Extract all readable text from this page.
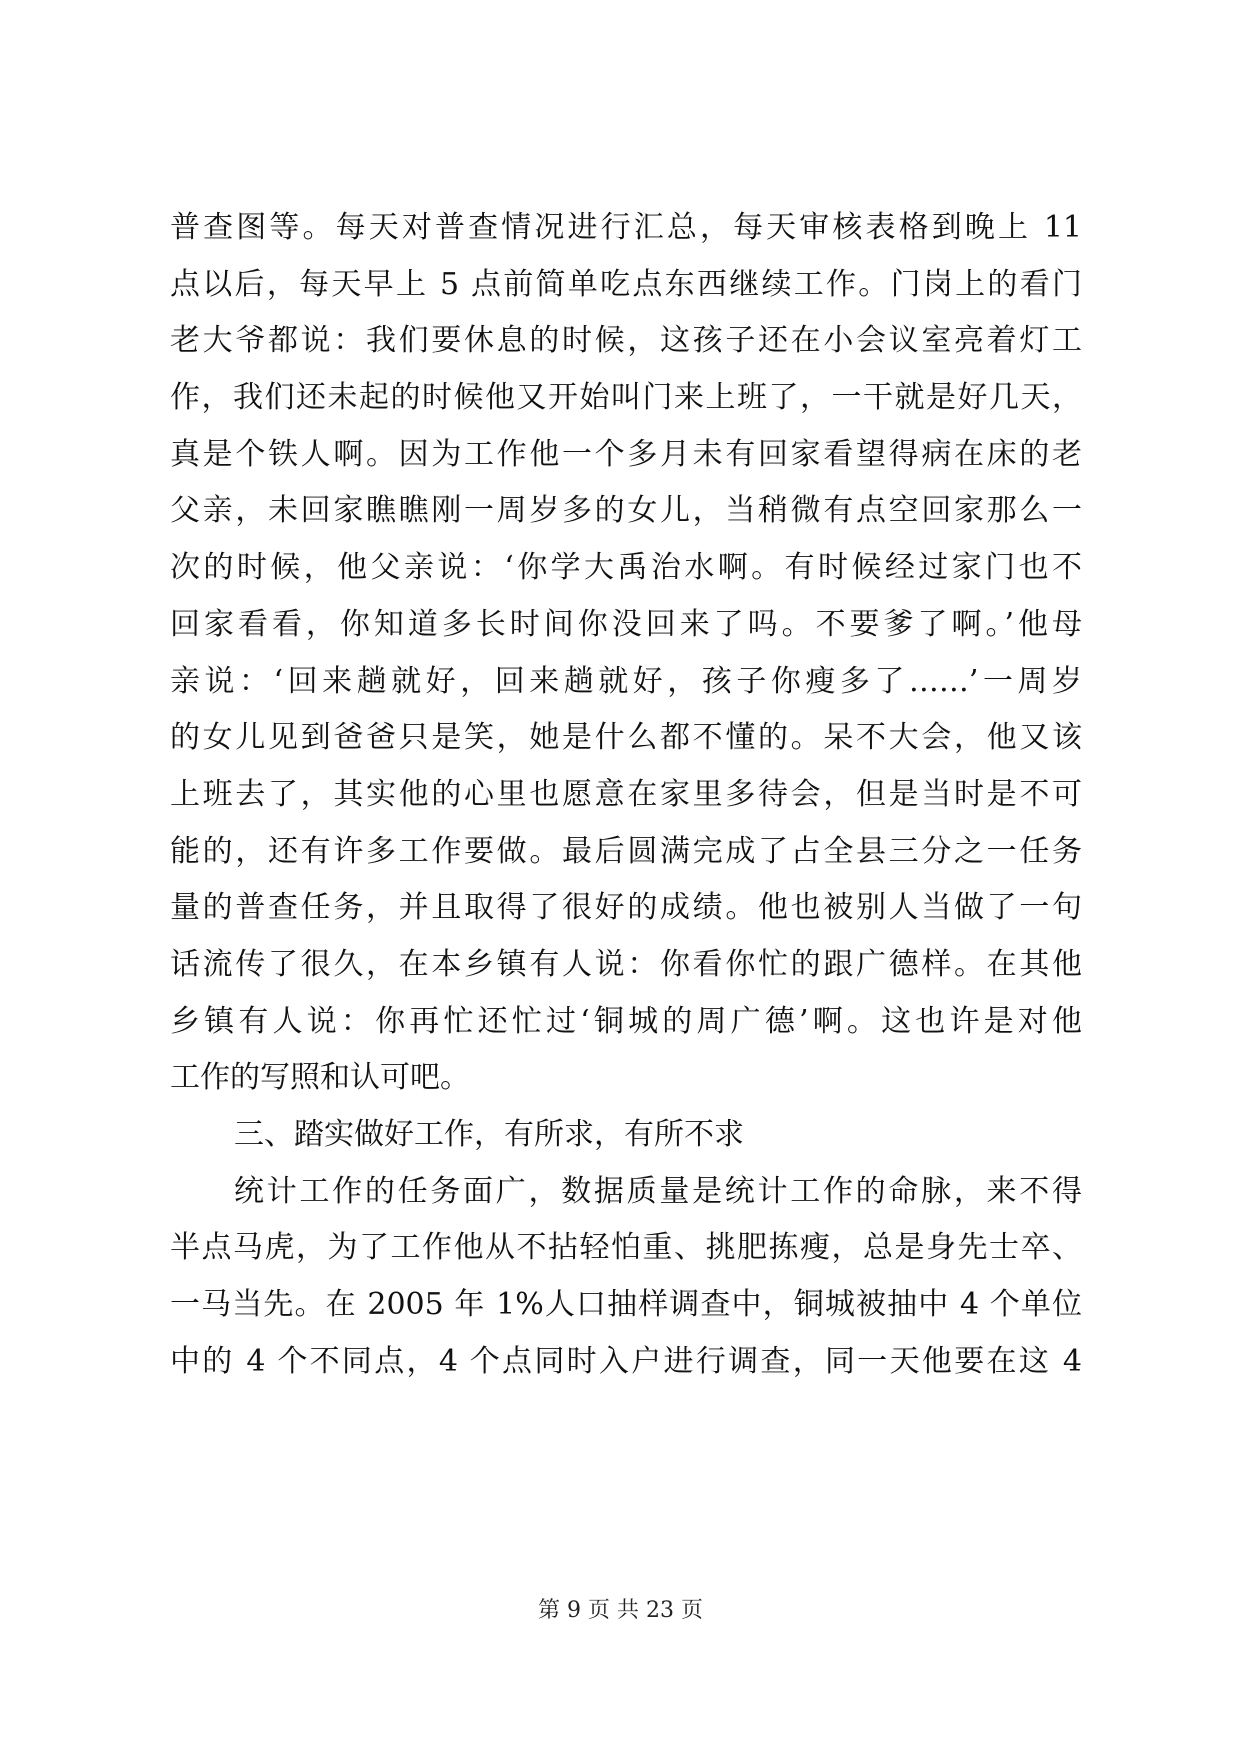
普查图等。每天对普查情况进行汇总，每天审核表格到晚上 11
点以后，每天早上 5 点前简单吃点东西继续工作。门岗上的看门
老大爷都说：我们要休息的时候，这孩子还在小会议室亮着灯工
作，我们还未起的时候他又开始叫门来上班了，一干就是好几天，
真是个铁人啊。因为工作他一个多月未有回家看望得病在床的老
父亲，未回家瞧瞧刚一周岁多的女儿，当稍微有点空回家那么一
次的时候，他父亲说：‘你学大禹治水啊。有时候经过家门也不
回家看看，你知道多长时间你没回来了吗。不要爹了啊。’他母
亲说：‘回来趟就好，回来趟就好，孩子你瘦多了……’一周岁
的女儿见到爸爸只是笑，她是什么都不懂的。呆不大会，他又该
上班去了，其实他的心里也愿意在家里多待会，但是当时是不可
能的，还有许多工作要做。最后圆满完成了占全县三分之一任务
量的普查任务，并且取得了很好的成绩。他也被别人当做了一句
话流传了很久，在本乡镇有人说：你看你忙的跟广德样。在其他
乡镇有人说：你再忙还忙过‘铜城的周广德’啊。这也许是对他
工作的写照和认可吧。
三、踏实做好工作，有所求，有所不求
统计工作的任务面广，数据质量是统计工作的命脉，来不得
半点马虎，为了工作他从不拈轻怕重、挑肥拣瘦，总是身先士卒、
一马当先。在 2005 年 1%人口抽样调查中，铜城被抽中 4 个单位
中的 4 个不同点，4 个点同时入户进行调查，同一天他要在这 4
第 9 页 共 23 页
